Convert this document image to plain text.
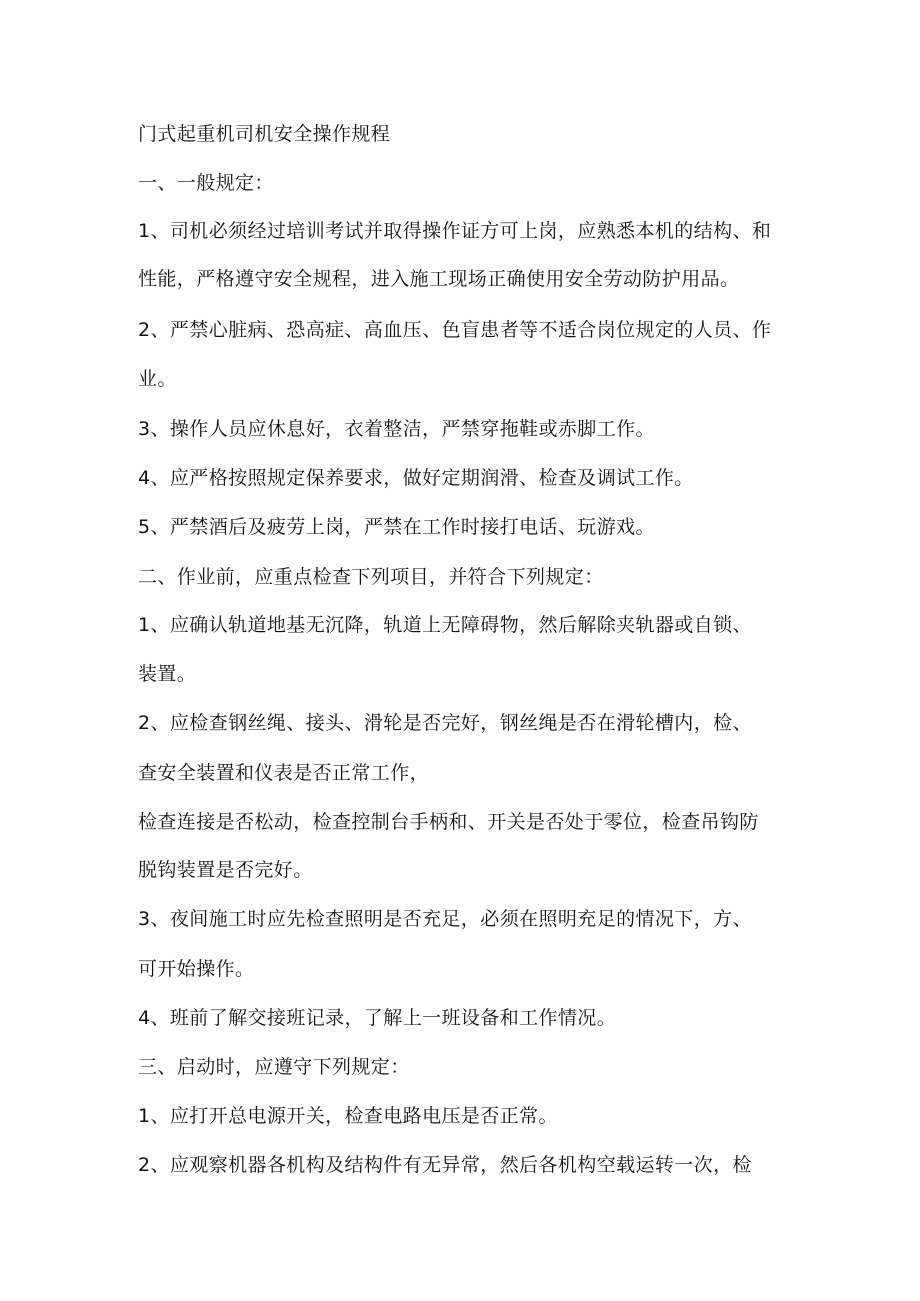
门式起重机司机安全操作规程
一、一般规定：
1、司机必须经过培训考试并取得操作证方可上岗，应熟悉本机的结构、和
性能，严格遵守安全规程，进入施工现场正确使用安全劳动防护用品。
2、严禁心脏病、恐高症、高血压、色盲患者等不适合岗位规定的人员、作
业。
3、操作人员应休息好，衣着整洁，严禁穿拖鞋或赤脚工作。
4、应严格按照规定保养要求，做好定期润滑、检查及调试工作。
5、严禁酒后及疲劳上岗，严禁在工作时接打电话、玩游戏。
二、作业前，应重点检查下列项目，并符合下列规定：
1、应确认轨道地基无沉降，轨道上无障碍物，然后解除夹轨器或自锁、
装置。
2、应检查钢丝绳、接头、滑轮是否完好，钢丝绳是否在滑轮槽内，检、
查安全装置和仪表是否正常工作，
检查连接是否松动，检查控制台手柄和、开关是否处于零位，检查吊钩防
脱钩装置是否完好。
3、夜间施工时应先检查照明是否充足，必须在照明充足的情况下，方、
可开始操作。
4、班前了解交接班记录，了解上一班设备和工作情况。
三、启动时，应遵守下列规定：
1、应打开总电源开关，检查电路电压是否正常。
2、应观察机器各机构及结构件有无异常，然后各机构空载运转一次，检
